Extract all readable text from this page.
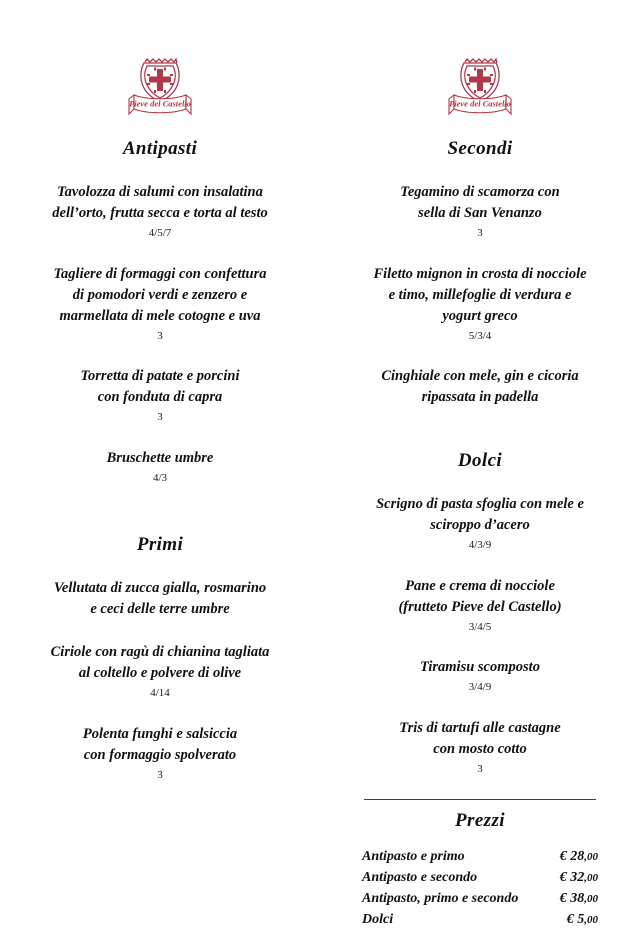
Pieve del Castello
Antipasti
Tavolozza di salumi con insalatina
dell’orto, frutta secca e torta al testo
4/5/7
Tagliere di formaggi con confettura
di pomodori verdi e zenzero e
marmellata di mele cotogne e uva
3
Torretta di patate e porcini
con fonduta di capra
3
Bruschette umbre
4/3
Primi
Vellutata di zucca gialla, rosmarino
e ceci delle terre umbre
Ciriole con ragù di chianina tagliata
al coltello e polvere di olive
4/14
Polenta funghi e salsiccia
con formaggio spolverato
3
Pieve del Castello
Secondi
Tegamino di scamorza con
sella di San Venanzo
3
Filetto mignon in crosta di nocciole
e timo, millefoglie di verdura e
yogurt greco
5/3/4
Cinghiale con mele, gin e cicoria
ripassata in padella
Dolci
Scrigno di pasta sfoglia con mele e
sciroppo d’acero
4/3/9
Pane e crema di nocciole
(frutteto Pieve del Castello)
3/4/5
Tiramisu scomposto
3/4/9
Tris di tartufi alle castagne
con mosto cotto
3
Prezzi
Antipasto e primo	€ 28,00
Antipasto e secondo	€ 32,00
Antipasto, primo e secondo	€ 38,00
Dolci	€ 5,00
